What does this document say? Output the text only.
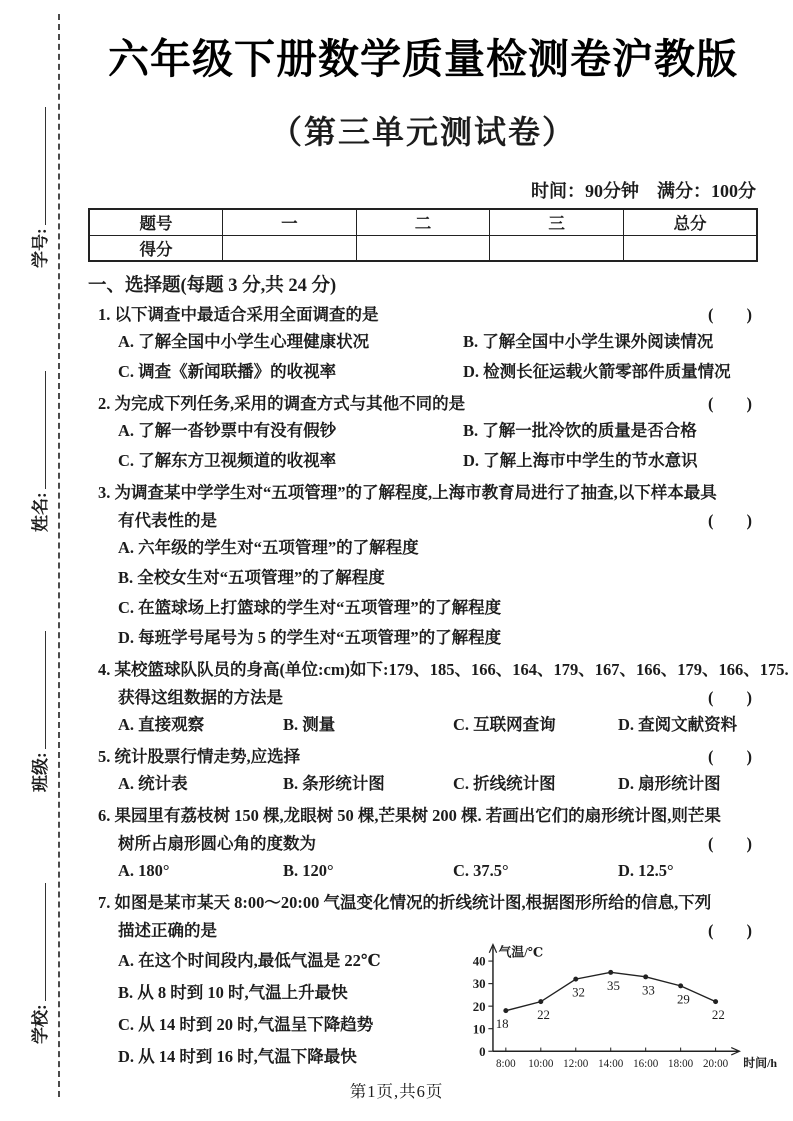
学号:
姓名:
班级:
学校:
六年级下册数学质量检测卷沪教版
（第三单元测试卷）
时间：90分钟　满分：100分
题号	一	二	三	总分
得分				
一、选择题(每题 3 分,共 24 分)
1. 以下调查中最适合采用全面调查的是	(　　)
A. 了解全国中小学生心理健康状况	B. 了解全国中小学生课外阅读情况
C. 调查《新闻联播》的收视率	D. 检测长征运载火箭零部件质量情况
2. 为完成下列任务,采用的调查方式与其他不同的是	(　　)
A. 了解一沓钞票中有没有假钞	B. 了解一批冷饮的质量是否合格
C. 了解东方卫视频道的收视率	D. 了解上海市中学生的节水意识
3. 为调查某中学学生对“五项管理”的了解程度,上海市教育局进行了抽查,以下样本最具
有代表性的是	(　　)
A. 六年级的学生对“五项管理”的了解程度
B. 全校女生对“五项管理”的了解程度
C. 在篮球场上打篮球的学生对“五项管理”的了解程度
D. 每班学号尾号为 5 的学生对“五项管理”的了解程度
4. 某校篮球队队员的身高(单位:cm)如下:179、185、166、164、179、167、166、179、166、175.
获得这组数据的方法是	(　　)
A. 直接观察	B. 测量	C. 互联网查询	D. 查阅文献资料
5. 统计股票行情走势,应选择	(　　)
A. 统计表	B. 条形统计图	C. 折线统计图	D. 扇形统计图
6. 果园里有荔枝树 150 棵,龙眼树 50 棵,芒果树 200 棵. 若画出它们的扇形统计图,则芒果
树所占扇形圆心角的度数为	(　　)
A. 180°	B. 120°	C. 37.5°	D. 12.5°
7. 如图是某市某天 8:00～20:00 气温变化情况的折线统计图,根据图形所给的信息,下列
描述正确的是	(　　)
A. 在这个时间段内,最低气温是 22℃
B. 从 8 时到 10 时,气温上升最快
C. 从 14 时到 20 时,气温呈下降趋势
D. 从 14 时到 16 时,气温下降最快	0
10
20
30
40
8:00 10:00 12:00 14:00 16:00 18:00 20:00
气温/℃
时间/h
18
22
32 35 33
29
22
第1页,共6页
